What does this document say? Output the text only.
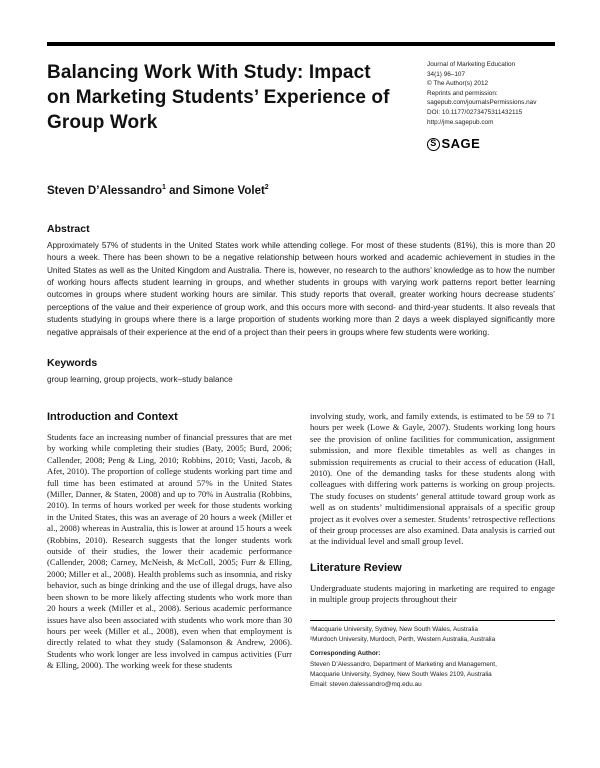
Balancing Work With Study: Impact on Marketing Students’ Experience of Group Work
Journal of Marketing Education
34(1) 96–107
© The Author(s) 2012
Reprints and permission:
sagepub.com/journalsPermissions.nav
DOI: 10.1177/0273475311432115
http://jme.sagepub.com
S SAGE
Steven D’Alessandro$^1$ and Simone Volet$^2$
Abstract
Approximately 57% of students in the United States work while attending college. For most of these students (81%), this is more than 20 hours a week. There has been shown to be a negative relationship between hours worked and academic achievement in studies in the United States as well as the United Kingdom and Australia. There is, however, no research to the authors’ knowledge as to how the number of working hours affects student learning in groups, and whether students in groups with varying work patterns report better learning outcomes in groups where student working hours are similar. This study reports that overall, greater working hours decrease students’ perceptions of the value and their experience of group work, and this occurs more with second- and third-year students. It also reveals that students studying in groups where there is a large proportion of students working more than 2 days a week displayed significantly more negative appraisals of their experience at the end of a project than their peers in groups where few students were working.
Keywords
group learning, group projects, work–study balance
Introduction and Context
Students face an increasing number of financial pressures that are met by working while completing their studies (Baty, 2005; Burd, 2006; Callender, 2008; Peng & Ling, 2010; Robbins, 2010; Vasti, Jacob, & Afet, 2010). The proportion of college students working part time and full time has been estimated at around 57% in the United States (Miller, Danner, & Staten, 2008) and up to 70% in Australia (Robbins, 2010). In terms of hours worked per week for those students working in the United States, this was an average of 20 hours a week (Miller et al., 2008) whereas in Australia, this is lower at around 15 hours a week (Robbins, 2010). Research suggests that the longer students work outside of their studies, the lower their academic performance (Callender, 2008; Carney, McNeish, & McColl, 2005; Furr & Elling, 2000; Miller et al., 2008). Health problems such as insomnia, and risky behavior, such as binge drinking and the use of illegal drugs, have also been shown to be more likely affecting students who work more than 20 hours a week (Miller et al., 2008). Serious academic performance issues have also been associated with students who work more than 30 hours per week (Miller et al., 2008), even when that employment is directly related to what they study (Salamonson & Andrew, 2006). Students who work longer are less involved in campus activities (Furr & Elling, 2000). The working week for these students
involving study, work, and family extends, is estimated to be 59 to 71 hours per week (Lowe & Gayle, 2007). Students working long hours see the provision of online facilities for communication, assignment submission, and more flexible timetables as well as changes in submission requirements as crucial to their access of education (Hall, 2010). One of the demanding tasks for these students along with colleagues with differing work patterns is working on group projects. The study focuses on students’ general attitude toward group work as well as on students’ multidimensional appraisals of a specific group project as it evolves over a semester. Students’ retrospective reflections of their group processes are also examined. Data analysis is carried out at the individual level and small group level.
Literature Review
Undergraduate students majoring in marketing are required to engage in multiple group projects throughout their
¹Macquarie University, Sydney, New South Wales, Australia
²Murdoch University, Murdoch, Perth, Western Australia, Australia
Corresponding Author:
Steven D’Alessandro, Department of Marketing and Management,
Macquarie University, Sydney, New South Wales 2109, Australia
Email: steven.dalessandro@mq.edu.au
